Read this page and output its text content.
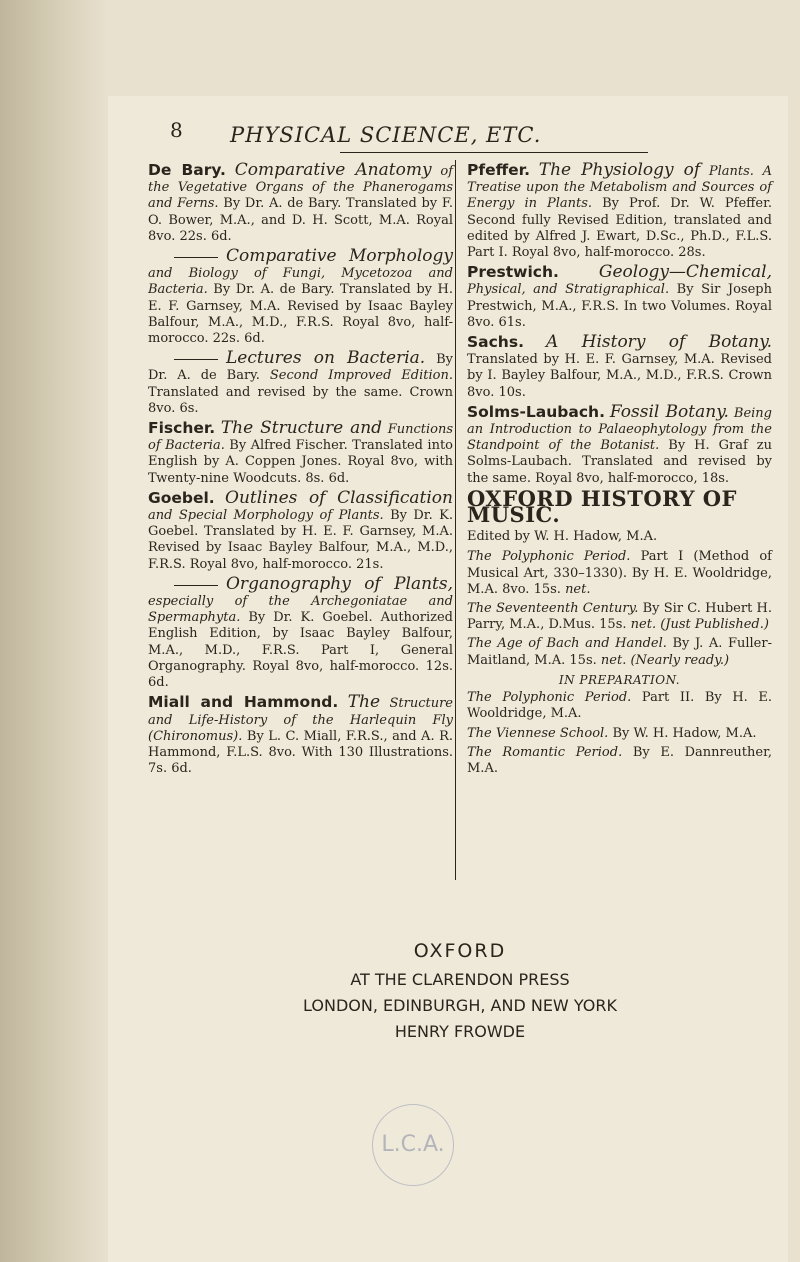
8 PHYSICAL SCIENCE, ETC.

De Bary. Comparative Anatomy of the Vegetative Organs of the Phanerogams and Ferns. By Dr. A. de Bary. Translated by F. O. Bower, M.A., and D. H. Scott, M.A. Royal 8vo. 22s. 6d.

Comparative Morphology and Biology of Fungi, Mycetozoa and Bacteria. By Dr. A. de Bary. Translated by H. E. F. Garnsey, M.A. Revised by Isaac Bayley Balfour, M.A., M.D., F.R.S. Royal 8vo, half-morocco. 22s. 6d.

Lectures on Bacteria. By Dr. A. de Bary. Second Improved Edition. Translated and revised by the same. Crown 8vo. 6s.

Fischer. The Structure and Functions of Bacteria. By Alfred Fischer. Translated into English by A. Coppen Jones. Royal 8vo, with Twenty-nine Woodcuts. 8s. 6d.

Goebel. Outlines of Classification and Special Morphology of Plants. By Dr. K. Goebel. Translated by H. E. F. Garnsey, M.A. Revised by Isaac Bayley Balfour, M.A., M.D., F.R.S. Royal 8vo, half-morocco. 21s.

Organography of Plants, especially of the Archegoniatae and Spermaphyta. By Dr. K. Goebel. Authorized English Edition, by Isaac Bayley Balfour, M.A., M.D., F.R.S. Part I, General Organography. Royal 8vo, half-morocco. 12s. 6d.

Miall and Hammond. The Structure and Life-History of the Harlequin Fly (Chironomus). By L. C. Miall, F.R.S., and A. R. Hammond, F.L.S. 8vo. With 130 Illustrations. 7s. 6d.

Pfeffer. The Physiology of Plants. A Treatise upon the Metabolism and Sources of Energy in Plants. By Prof. Dr. W. Pfeffer. Second fully Revised Edition, translated and edited by Alfred J. Ewart, D.Sc., Ph.D., F.L.S. Part I. Royal 8vo, half-morocco. 28s.

Prestwich. Geology—Chemical, Physical, and Stratigraphical. By Sir Joseph Prestwich, M.A., F.R.S. In two Volumes. Royal 8vo. 61s.

Sachs. A History of Botany. Translated by H. E. F. Garnsey, M.A. Revised by I. Bayley Balfour, M.A., M.D., F.R.S. Crown 8vo. 10s.

Solms-Laubach. Fossil Botany. Being an Introduction to Palaeophytology from the Standpoint of the Botanist. By H. Graf zu Solms-Laubach. Translated and revised by the same. Royal 8vo, half-morocco, 18s.

OXFORD HISTORY OF MUSIC.
Edited by W. H. Hadow, M.A.

The Polyphonic Period. Part I (Method of Musical Art, 330–1330). By H. E. Wooldridge, M.A. 8vo. 15s. net.

The Seventeenth Century. By Sir C. Hubert H. Parry, M.A., D.Mus. 15s. net. (Just Published.)

The Age of Bach and Handel. By J. A. Fuller-Maitland, M.A. 15s. net. (Nearly ready.)

IN PREPARATION.

The Polyphonic Period. Part II. By H. E. Wooldridge, M.A.

The Viennese School. By W. H. Hadow, M.A.

The Romantic Period. By E. Dannreuther, M.A.

OXFORD
AT THE CLARENDON PRESS
LONDON, EDINBURGH, AND NEW YORK
HENRY FROWDE
L.C.A.
